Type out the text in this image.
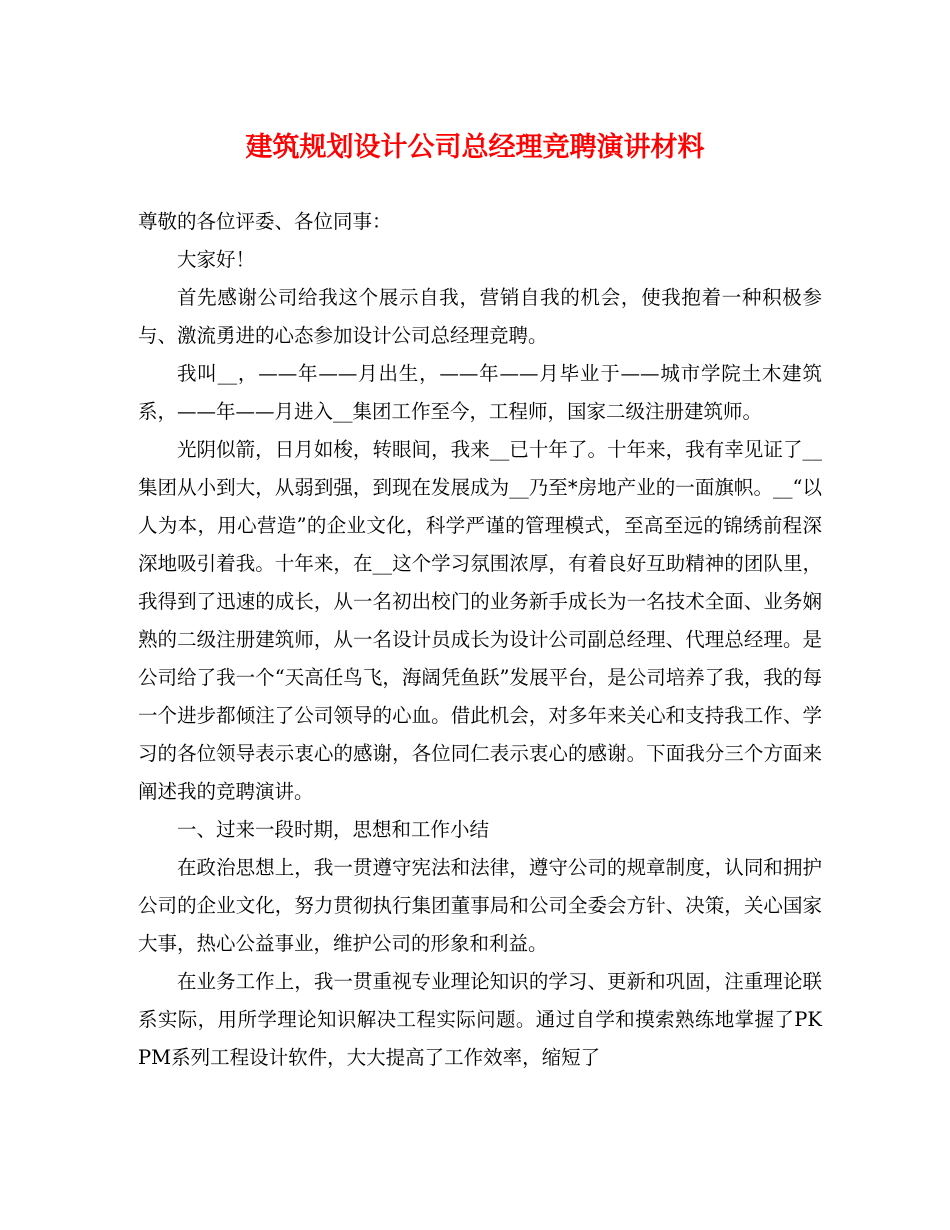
建筑规划设计公司总经理竞聘演讲材料

尊敬的各位评委、各位同事：

大家好！

首先感谢公司给我这个展示自我，营销自我的机会，使我抱着一种积极参与、激流勇进的心态参加设计公司总经理竞聘。

我叫__，——年——月出生，——年——月毕业于——城市学院土木建筑系，——年——月进入__集团工作至今，工程师，国家二级注册建筑师。

光阴似箭，日月如梭，转眼间，我来__已十年了。十年来，我有幸见证了__集团从小到大，从弱到强，到现在发展成为__乃至*房地产业的一面旗帜。__“以人为本，用心营造”的企业文化，科学严谨的管理模式，至高至远的锦绣前程深深地吸引着我。十年来，在__这个学习氛围浓厚，有着良好互助精神的团队里，我得到了迅速的成长，从一名初出校门的业务新手成长为一名技术全面、业务娴熟的二级注册建筑师，从一名设计员成长为设计公司副总经理、代理总经理。是公司给了我一个“天高任鸟飞，海阔凭鱼跃”发展平台，是公司培养了我，我的每一个进步都倾注了公司领导的心血。借此机会，对多年来关心和支持我工作、学习的各位领导表示衷心的感谢，各位同仁表示衷心的感谢。下面我分三个方面来阐述我的竞聘演讲。

一、过来一段时期，思想和工作小结

在政治思想上，我一贯遵守宪法和法律，遵守公司的规章制度，认同和拥护公司的企业文化，努力贯彻执行集团董事局和公司全委会方针、决策，关心国家大事，热心公益事业，维护公司的形象和利益。

在业务工作上，我一贯重视专业理论知识的学习、更新和巩固，注重理论联系实际，用所学理论知识解决工程实际问题。通过自学和摸索熟练地掌握了PKPM系列工程设计软件，大大提高了工作效率，缩短了
